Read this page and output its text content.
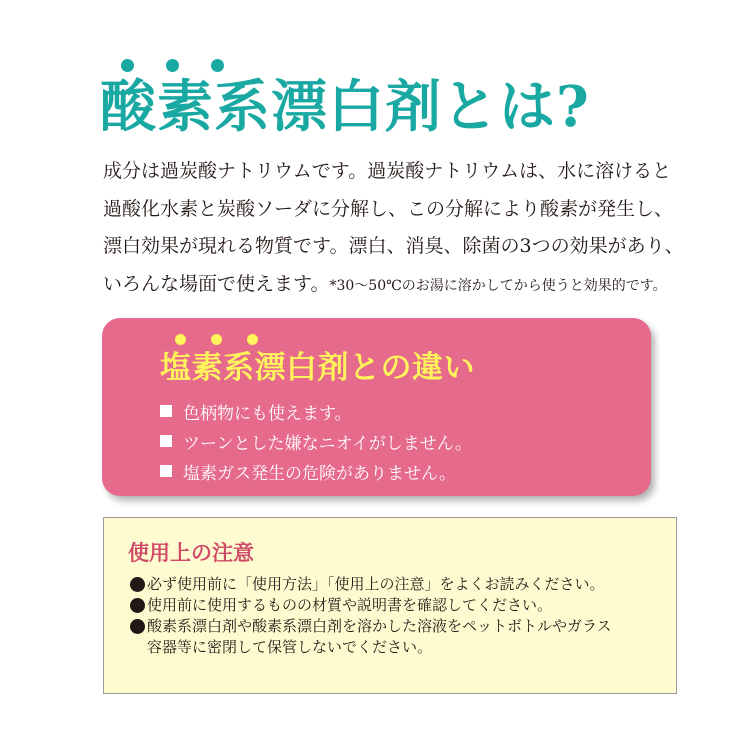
酸素系漂白剤とは?
成分は過炭酸ナトリウムです。過炭酸ナトリウムは、水に溶けると
過酸化水素と炭酸ソーダに分解し、この分解により酸素が発生し、
漂白効果が現れる物質です。漂白、消臭、除菌の3つの効果があり、
いろんな場面で使えます。*30～50℃のお湯に溶かしてから使うと効果的です。
塩素系漂白剤との違い
色柄物にも使えます。
ツーンとした嫌なニオイがしません。
塩素ガス発生の危険がありません。
使用上の注意
必ず使用前に「使用方法」「使用上の注意」をよくお読みください。
使用前に使用するものの材質や説明書を確認してください。
酸素系漂白剤や酸素系漂白剤を溶かした溶液をペットボトルやガラス
容器等に密閉して保管しないでください。
